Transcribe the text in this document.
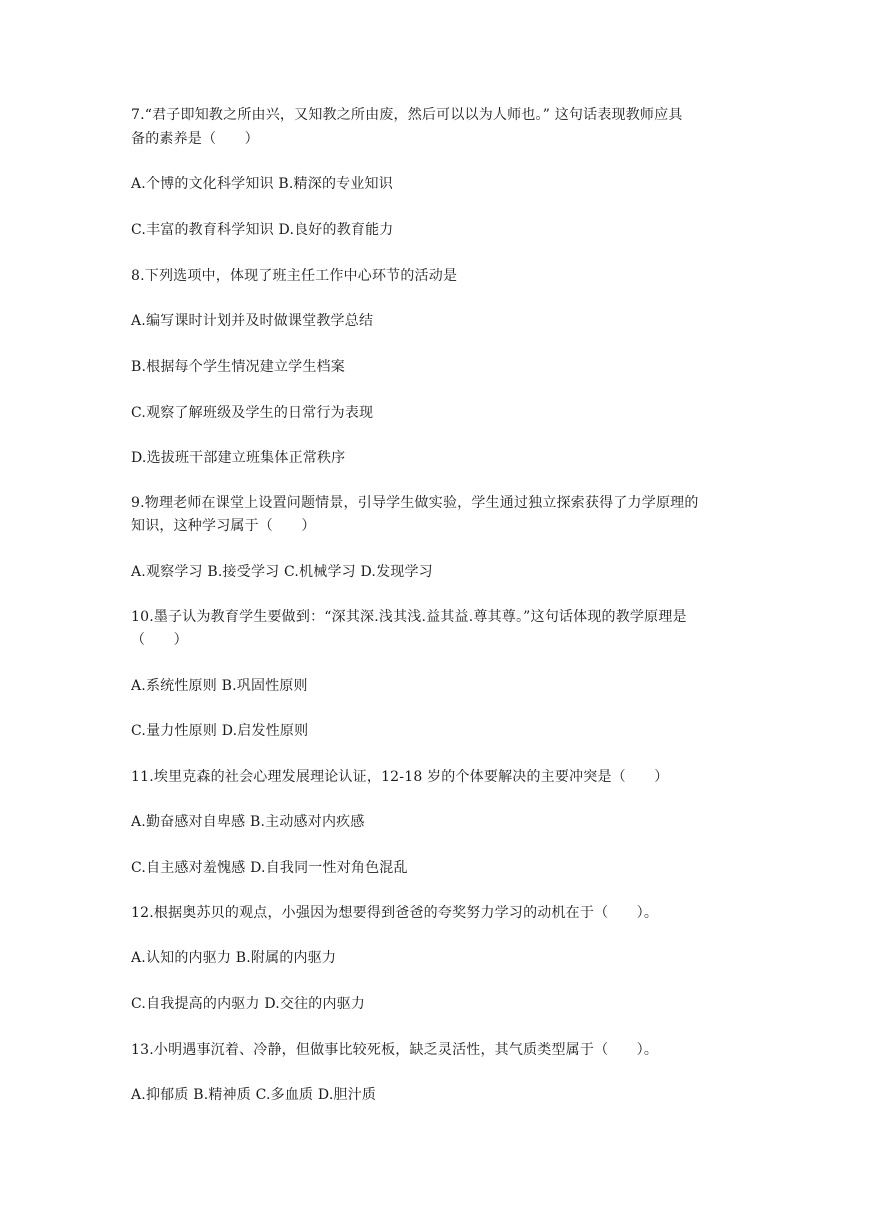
7.“君子即知教之所由兴，又知教之所由废，然后可以以为人师也。” 这句话表现教师应具
备的素养是（　　）
A.个博的文化科学知识 B.精深的专业知识
C.丰富的教育科学知识 D.良好的教育能力
8.下列选项中，体现了班主任工作中心环节的活动是
A.编写课时计划并及时做课堂教学总结
B.根据每个学生情况建立学生档案
C.观察了解班级及学生的日常行为表现
D.选拔班干部建立班集体正常秩序
9.物理老师在课堂上设置问题情景，引导学生做实验，学生通过独立探索获得了力学原理的
知识，这种学习属于（　　）
A.观察学习 B.接受学习 C.机械学习 D.发现学习
10.墨子认为教育学生要做到：“深其深.浅其浅.益其益.尊其尊。”这句话体现的教学原理是
（　　）
A.系统性原则 B.巩固性原则
C.量力性原则 D.启发性原则
11.埃里克森的社会心理发展理论认证，12-18 岁的个体要解决的主要冲突是（　　）
A.勤奋感对自卑感 B.主动感对内疚感
C.自主感对羞愧感 D.自我同一性对角色混乱
12.根据奥苏贝的观点，小强因为想要得到爸爸的夸奖努力学习的动机在于（　　）。
A.认知的内驱力 B.附属的内驱力
C.自我提高的内驱力 D.交往的内驱力
13.小明遇事沉着、冷静，但做事比较死板，缺乏灵活性，其气质类型属于（　　）。
A.抑郁质 B.精神质 C.多血质 D.胆汁质
